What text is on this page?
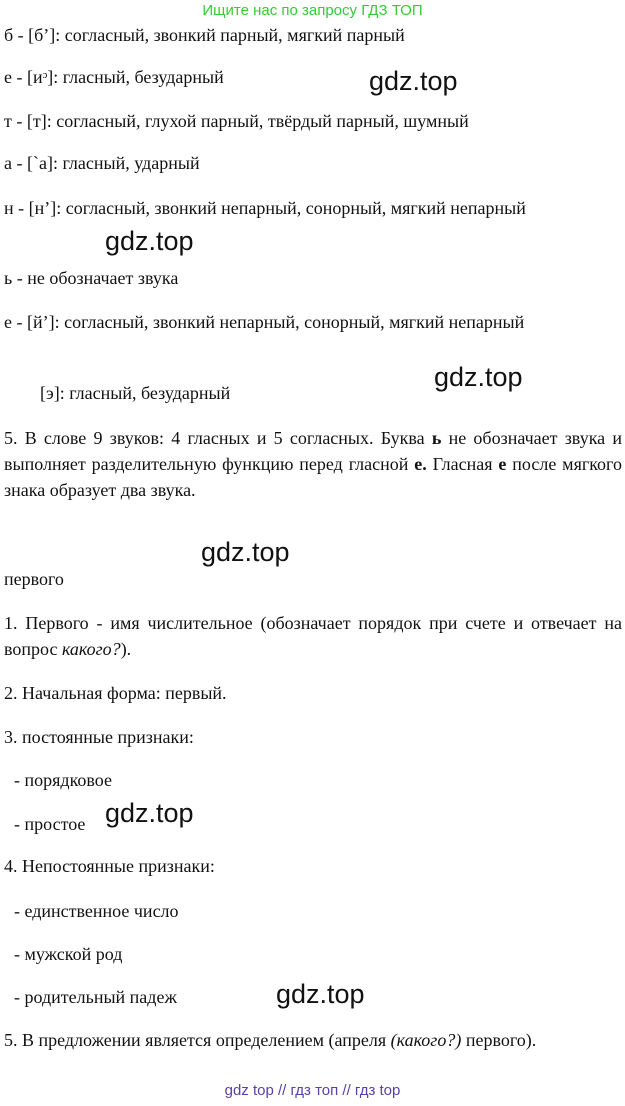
Ищите нас по запросу ГДЗ ТОП
б - [б’]: согласный, звонкий парный, мягкий парный
е - [иᵓ]: гласный, безударный
т - [т]: согласный, глухой парный, твёрдый парный, шумный
а - [`а]: гласный, ударный
н - [н’]: согласный, звонкий непарный, сонорный, мягкий непарный
ь - не обозначает звука
е - [й’]: согласный, звонкий непарный, сонорный, мягкий непарный
[э]: гласный, безударный
5. В слове 9 звуков: 4 гласных и 5 согласных. Буква ь не обозначает звука и выполняет разделительную функцию перед гласной е. Гласная е после мягкого знака образует два звука.
первого
1. Первого - имя числительное (обозначает порядок при счете и отвечает на вопрос какого?).
2. Начальная форма: первый.
3. постоянные признаки:
- порядковое
- простое
4. Непостоянные признаки:
- единственное число
- мужской род
- родительный падеж
5. В предложении является определением (апреля (какого?) первого).
gdz.top
gdz.top
gdz.top
gdz.top
gdz.top
gdz.top
gdz top // гдз топ // гдз top
